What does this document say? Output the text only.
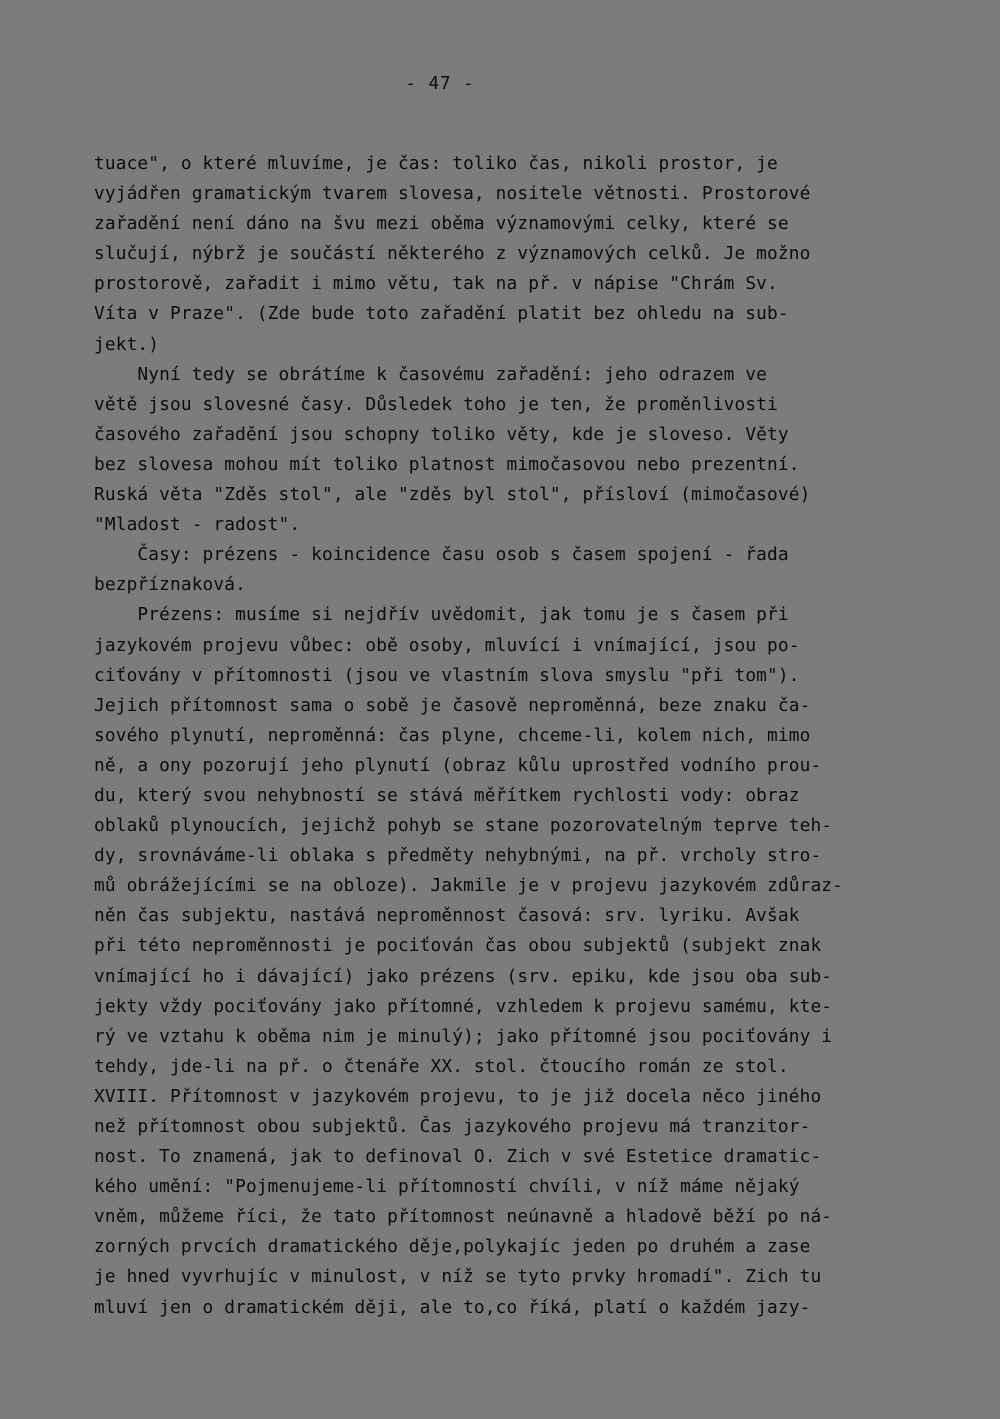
- 47 -
tuace", o které mluvíme, je čas: toliko čas, nikoli prostor, je
vyjádřen gramatickým tvarem slovesa, nositele větnosti. Prostorové
zařadění není dáno na švu mezi oběma významovými celky, které se
slučují, nýbrž je součástí některého z významových celků. Je možno
prostorově, zařadit i mimo větu, tak na př. v nápise "Chrám Sv.
Víta v Praze". (Zde bude toto zařadění platit bez ohledu na sub-
jekt.)
Nyní tedy se obrátíme k časovému zařadění: jeho odrazem ve
větě jsou slovesné časy. Důsledek toho je ten, že proměnlivosti
časového zařadění jsou schopny toliko věty, kde je sloveso. Věty
bez slovesa mohou mít toliko platnost mimočasovou nebo prezentní.
Ruská věta "Zděs stol", ale "zděs byl stol", přísloví (mimočasové)
"Mladost - radost".
Časy: prézens - koincidence času osob s časem spojení - řada
bezpříznaková.
Prézens: musíme si nejdřív uvědomit, jak tomu je s časem při
jazykovém projevu vůbec: obě osoby, mluvící i vnímající, jsou po-
ciťovány v přítomnosti (jsou ve vlastním slova smyslu "při tom").
Jejich přítomnost sama o sobě je časově neproměnná, beze znaku ča-
sového plynutí, neproměnná: čas plyne, chceme-li, kolem nich, mimo
ně, a ony pozorují jeho plynutí (obraz kůlu uprostřed vodního prou-
du, který svou nehybností se stává měřítkem rychlosti vody: obraz
oblaků plynoucích, jejichž pohyb se stane pozorovatelným teprve teh-
dy, srovnáváme-li oblaka s předměty nehybnými, na př. vrcholy stro-
mů obrážejícími se na obloze). Jakmile je v projevu jazykovém zdůraz-
něn čas subjektu, nastává neproměnnost časová: srv. lyriku. Avšak
při této neproměnnosti je pociťován čas obou subjektů (subjekt znak
vnímající ho i dávající) jako prézens (srv. epiku, kde jsou oba sub-
jekty vždy pociťovány jako přítomné, vzhledem k projevu samému, kte-
rý ve vztahu k oběma nim je minulý); jako přítomné jsou pociťovány i
tehdy, jde-li na př. o čtenáře XX. stol. čtoucího román ze stol.
XVIII. Přítomnost v jazykovém projevu, to je již docela něco jiného
než přítomnost obou subjektů. Čas jazykového projevu má tranzitor-
nost. To znamená, jak to definoval O. Zich v své Estetice dramatic-
kého umění: "Pojmenujeme-li přítomností chvíli, v níž máme nějaký
vněm, můžeme říci, že tato přítomnost neúnavně a hladově běží po ná-
zorných prvcích dramatického děje,polykajíc jeden po druhém a zase
je hned vyvrhujíc v minulost, v níž se tyto prvky hromadí". Zich tu
mluví jen o dramatickém ději, ale to,co říká, platí o každém jazy-
